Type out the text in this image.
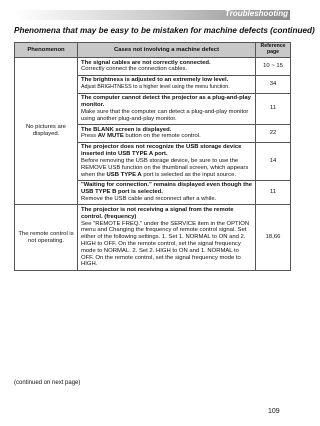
Troubleshooting
Phenomena that may be easy to be mistaken for machine defects (continued)
Phenomenon	Cases not involving a machine defect	Reference
page

No pictures are displayed.	The signal cables are not correctly connected.
Correctly connect the connection cables.	10 ~ 15

	The brightness is adjusted to an extremely low level.
Adjust BRIGHTNESS to a higher level using the menu function.	34

	The computer cannot detect the projector as a plug-and-play monitor.
Make sure that the computer can detect a plug-and-play monitor using another plug-and-play monitor.	11

	The BLANK screen is displayed.
Press AV MUTE button on the remote control.	22

	The projector does not recognize the USB storage device inserted into USB TYPE A port.
Before removing the USB storage device, be sure to use the REMOVE USB function on the thumbnail screen, which appears when the USB TYPE A port is selected as the input source.	14

	"Waiting for connection." remains displayed even though the USB TYPE B port is selected.
Remove the USB cable and reconnect after a while.	11
The remote control is not operating.	The projector is not receiving a signal from the remote control. (frequency)
See "REMOTE FREQ." under the SERVICE item in the OPTION menu and Changing the frequency of remote control signal. Set either of the following settings. 1. Set 1. NORMAL to ON and 2. HIGH to OFF. On the remote control, set the signal frequency mode to NORMAL. 2. Set 2. HIGH to ON and 1. NORMAL to OFF. On the remote control, set the signal frequency mode to HIGH.	18,66
(continued on next page)
109
